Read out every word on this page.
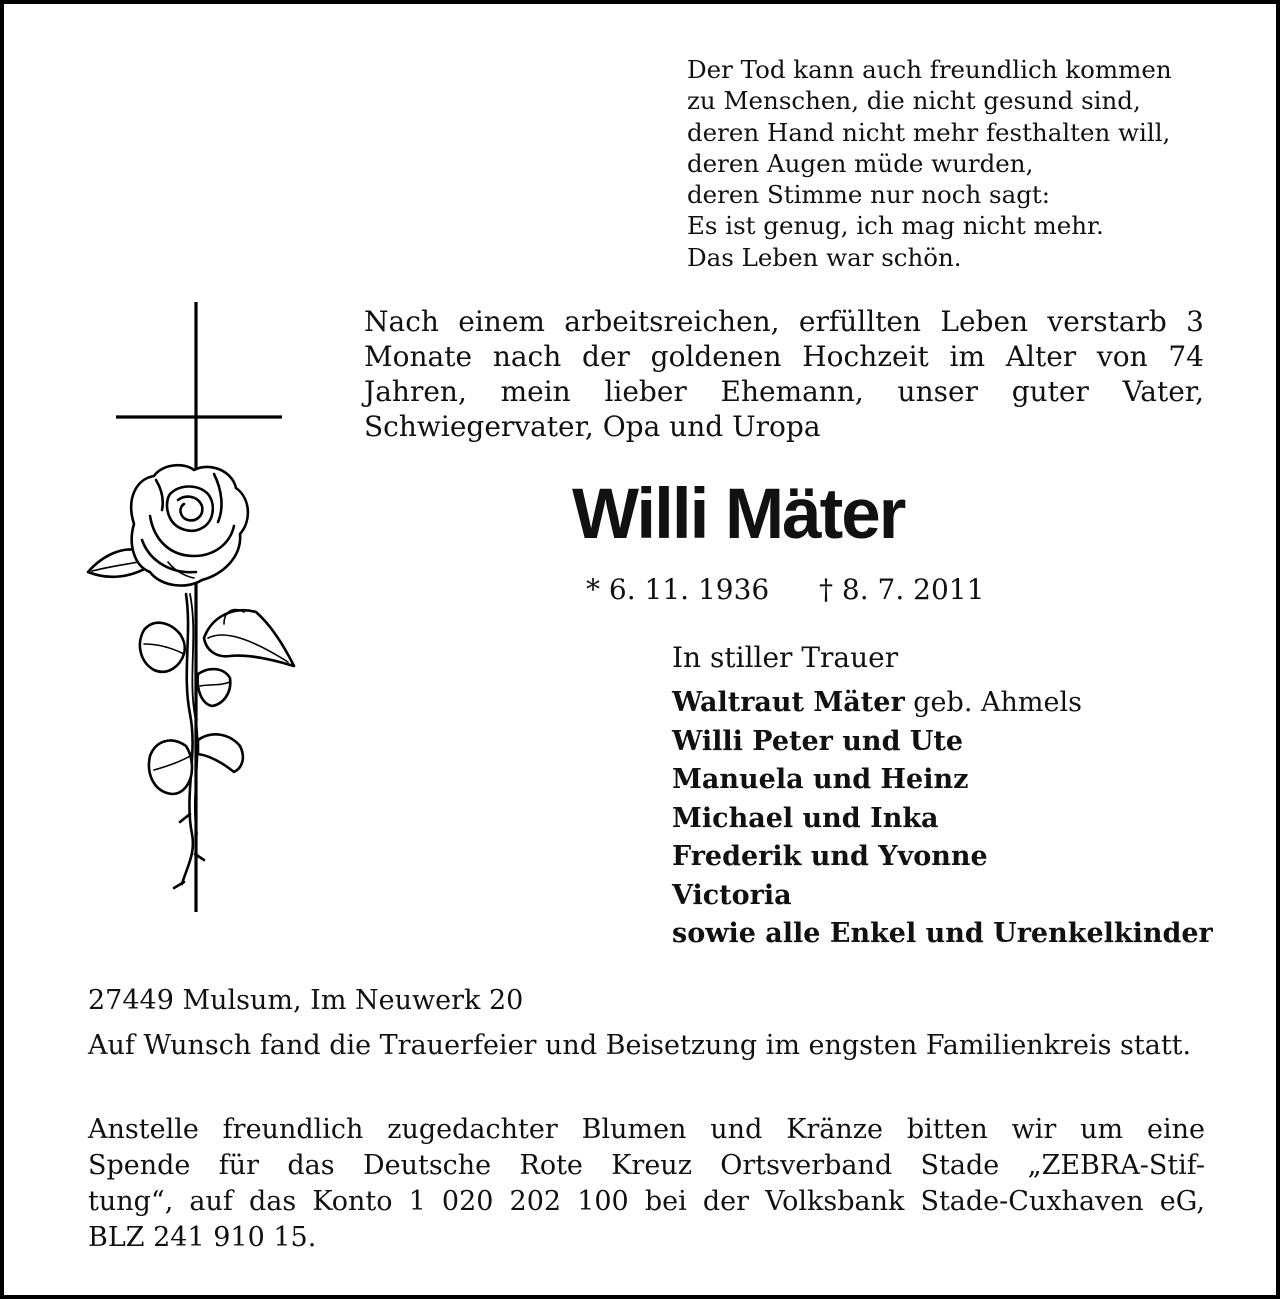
Der Tod kann auch freundlich kommen
zu Menschen, die nicht gesund sind,
deren Hand nicht mehr festhalten will,
deren Augen müde wurden,
deren Stimme nur noch sagt:
Es ist genug, ich mag nicht mehr.
Das Leben war schön.
Nach einem arbeitsreichen, erfüllten Leben verstarb 3 Monate nach der goldenen Hochzeit im Alter von 74 Jahren, mein lieber Ehemann, unser guter Vater, Schwiegervater, Opa und Uropa
Willi Mäter
* 6. 11. 1936 † 8. 7. 2011
In stiller Trauer
Waltraut Mäter geb. Ahmels
Willi Peter und Ute
Manuela und Heinz
Michael und Inka
Frederik und Yvonne
Victoria
sowie alle Enkel und Urenkelkinder
27449 Mulsum, Im Neuwerk 20
Auf Wunsch fand die Trauerfeier und Beisetzung im engsten Familienkreis statt.
Anstelle freundlich zugedachter Blumen und Kränze bitten wir um eine
Spende für das Deutsche Rote Kreuz Ortsverband Stade „ZEBRA-Stif-
tung“, auf das Konto 1 020 202 100 bei der Volksbank Stade-Cuxhaven eG,
BLZ 241 910 15.
